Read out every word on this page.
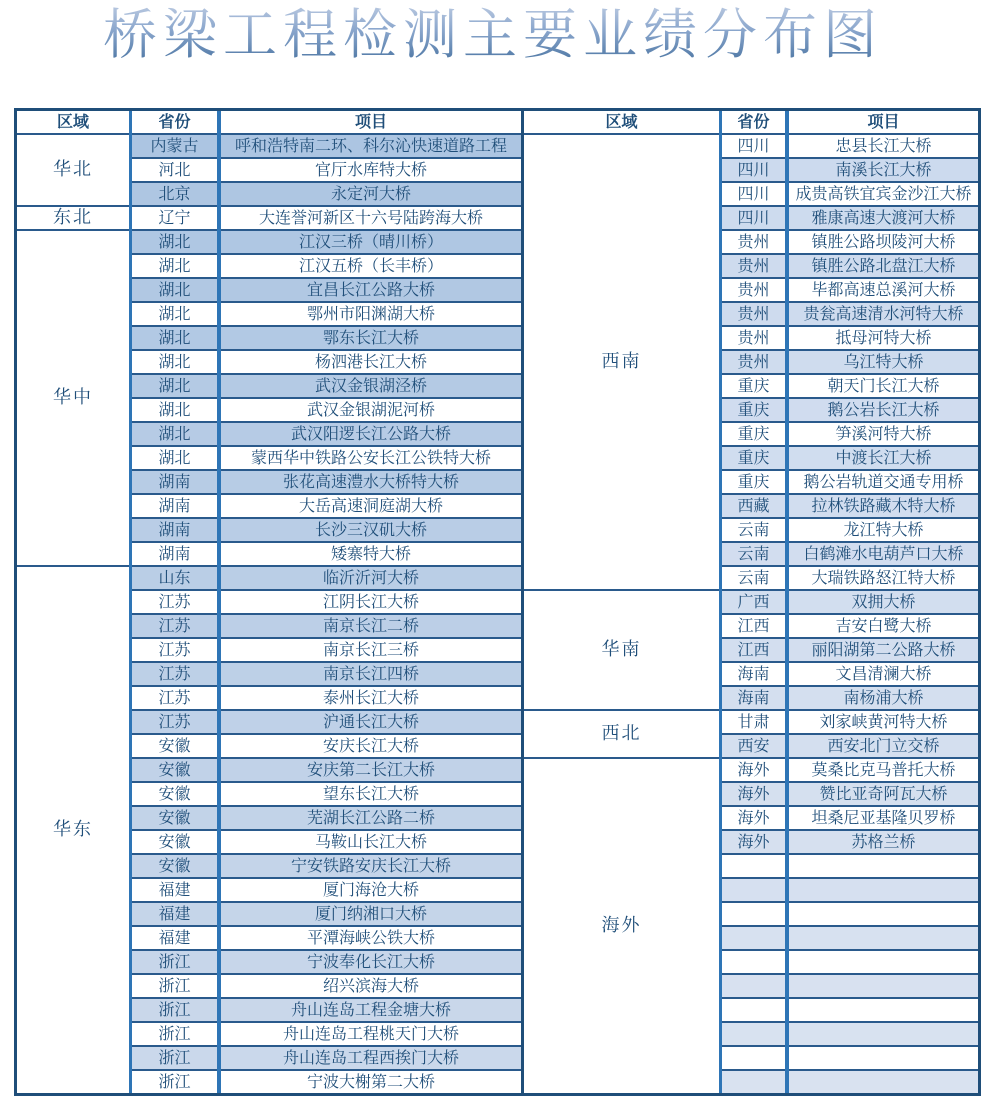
桥梁工程检测主要业绩分布图
区域	省份	项目
华北
内蒙古	呼和浩特南二环、科尔沁快速道路工程
河北	官厅水库特大桥
北京	永定河大桥
东北	辽宁	大连誉河新区十六号陆跨海大桥
华中
湖北	江汉三桥（晴川桥）
湖北	江汉五桥（长丰桥）
湖北	宜昌长江公路大桥
湖北	鄂州市阳渊湖大桥
湖北	鄂东长江大桥
湖北	杨泗港长江大桥
湖北	武汉金银湖泾桥
湖北	武汉金银湖泥河桥
湖北	武汉阳逻长江公路大桥
湖北	蒙西华中铁路公安长江公铁特大桥
湖南	张花高速澧水大桥特大桥
湖南	大岳高速洞庭湖大桥
湖南	长沙三汉矶大桥
湖南	矮寨特大桥
华东
山东	临沂沂河大桥
江苏	江阴长江大桥
江苏	南京长江二桥
江苏	南京长江三桥
江苏	南京长江四桥
江苏	泰州长江大桥
江苏	沪通长江大桥
安徽	安庆长江大桥
安徽	安庆第二长江大桥
安徽	望东长江大桥
安徽	芜湖长江公路二桥
安徽	马鞍山长江大桥
安徽	宁安铁路安庆长江大桥
福建	厦门海沧大桥
福建	厦门纳湘口大桥
福建	平潭海峡公铁大桥
浙江	宁波奉化长江大桥
浙江	绍兴滨海大桥
浙江	舟山连岛工程金塘大桥
浙江	舟山连岛工程桃天门大桥
浙江	舟山连岛工程西挨门大桥
浙江	宁波大榭第二大桥
区域	省份	项目
西南
四川	忠县长江大桥
四川	南溪长江大桥
四川	成贵高铁宜宾金沙江大桥
四川	雅康高速大渡河大桥
贵州	镇胜公路坝陵河大桥
贵州	镇胜公路北盘江大桥
贵州	毕都高速总溪河大桥
贵州	贵瓮高速清水河特大桥
贵州	抵母河特大桥
贵州	乌江特大桥
重庆	朝天门长江大桥
重庆	鹅公岩长江大桥
重庆	笋溪河特大桥
重庆	中渡长江大桥
重庆	鹅公岩轨道交通专用桥
西藏	拉林铁路藏木特大桥
云南	龙江特大桥
云南	白鹤滩水电葫芦口大桥
云南	大瑞铁路怒江特大桥
华南
广西	双拥大桥
江西	吉安白鹭大桥
江西	丽阳湖第二公路大桥
海南	文昌清澜大桥
海南	南杨浦大桥
西北
甘肃	刘家峡黄河特大桥
西安	西安北门立交桥
海外
海外	莫桑比克马普托大桥
海外	赞比亚奇阿瓦大桥
海外	坦桑尼亚基隆贝罗桥
海外	苏格兰桥
